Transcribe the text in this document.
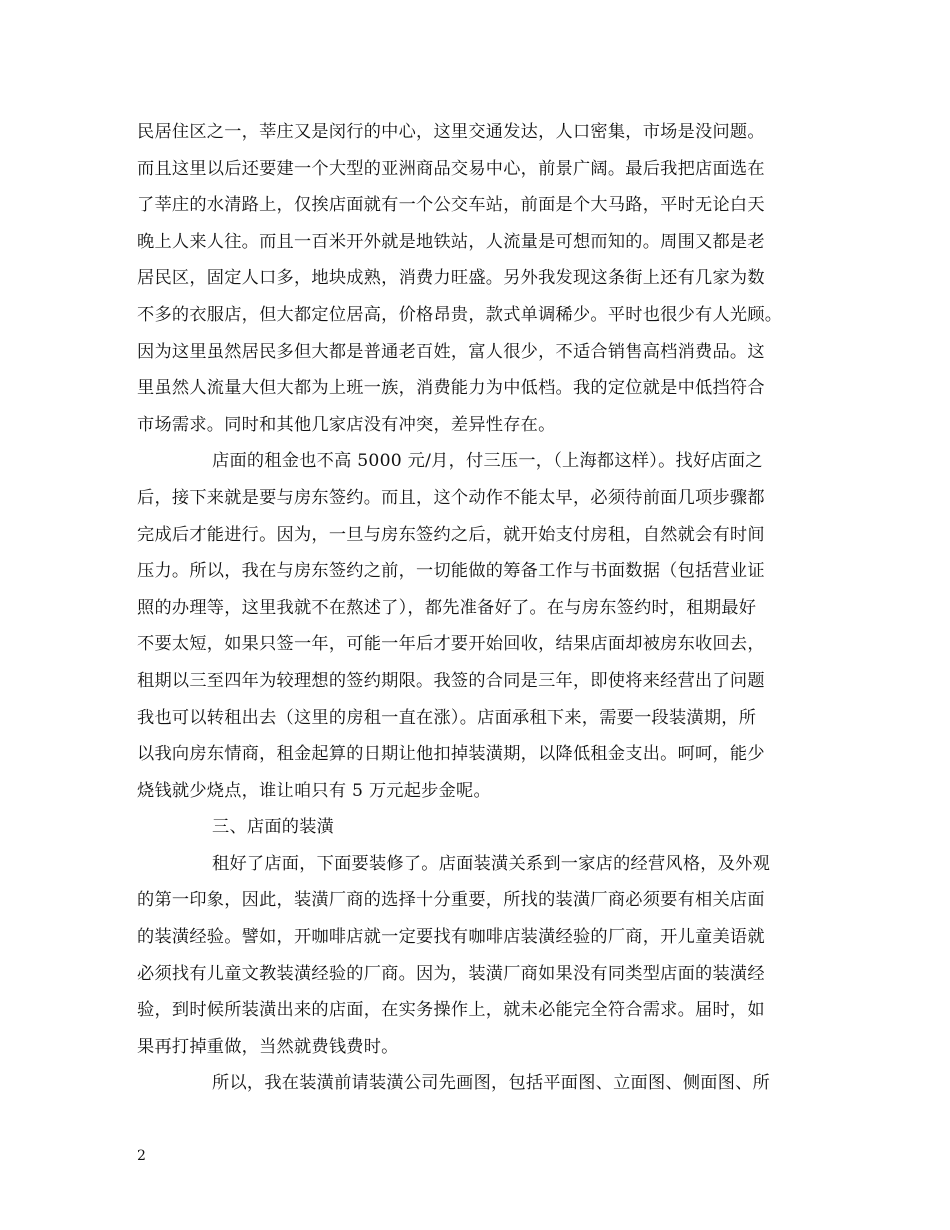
民居住区之一，莘庄又是闵行的中心，这里交通发达，人口密集，市场是没问题。
而且这里以后还要建一个大型的亚洲商品交易中心，前景广阔。最后我把店面选在
了莘庄的水清路上，仅挨店面就有一个公交车站，前面是个大马路，平时无论白天
晚上人来人往。而且一百米开外就是地铁站，人流量是可想而知的。周围又都是老
居民区，固定人口多，地块成熟，消费力旺盛。另外我发现这条街上还有几家为数
不多的衣服店，但大都定位居高，价格昂贵，款式单调稀少。平时也很少有人光顾。
因为这里虽然居民多但大都是普通老百姓，富人很少，不适合销售高档消费品。这
里虽然人流量大但大都为上班一族，消费能力为中低档。我的定位就是中低挡符合
市场需求。同时和其他几家店没有冲突，差异性存在。
店面的租金也不高 5000 元/月，付三压一，（上海都这样）。找好店面之
后，接下来就是要与房东签约。而且，这个动作不能太早，必须待前面几项步骤都
完成后才能进行。因为，一旦与房东签约之后，就开始支付房租，自然就会有时间
压力。所以，我在与房东签约之前，一切能做的筹备工作与书面数据（包括营业证
照的办理等，这里我就不在熬述了），都先准备好了。在与房东签约时，租期最好
不要太短，如果只签一年，可能一年后才要开始回收，结果店面却被房东收回去，
租期以三至四年为较理想的签约期限。我签的合同是三年，即使将来经营出了问题
我也可以转租出去（这里的房租一直在涨）。店面承租下来，需要一段装潢期，所
以我向房东情商，租金起算的日期让他扣掉装潢期，以降低租金支出。呵呵，能少
烧钱就少烧点，谁让咱只有 5 万元起步金呢。
三、店面的装潢
租好了店面，下面要装修了。店面装潢关系到一家店的经营风格，及外观
的第一印象，因此，装潢厂商的选择十分重要，所找的装潢厂商必须要有相关店面
的装潢经验。譬如，开咖啡店就一定要找有咖啡店装潢经验的厂商，开儿童美语就
必须找有儿童文教装潢经验的厂商。因为，装潢厂商如果没有同类型店面的装潢经
验，到时候所装潢出来的店面，在实务操作上，就未必能完全符合需求。届时，如
果再打掉重做，当然就费钱费时。
所以，我在装潢前请装潢公司先画图，包括平面图、立面图、侧面图、所
2
